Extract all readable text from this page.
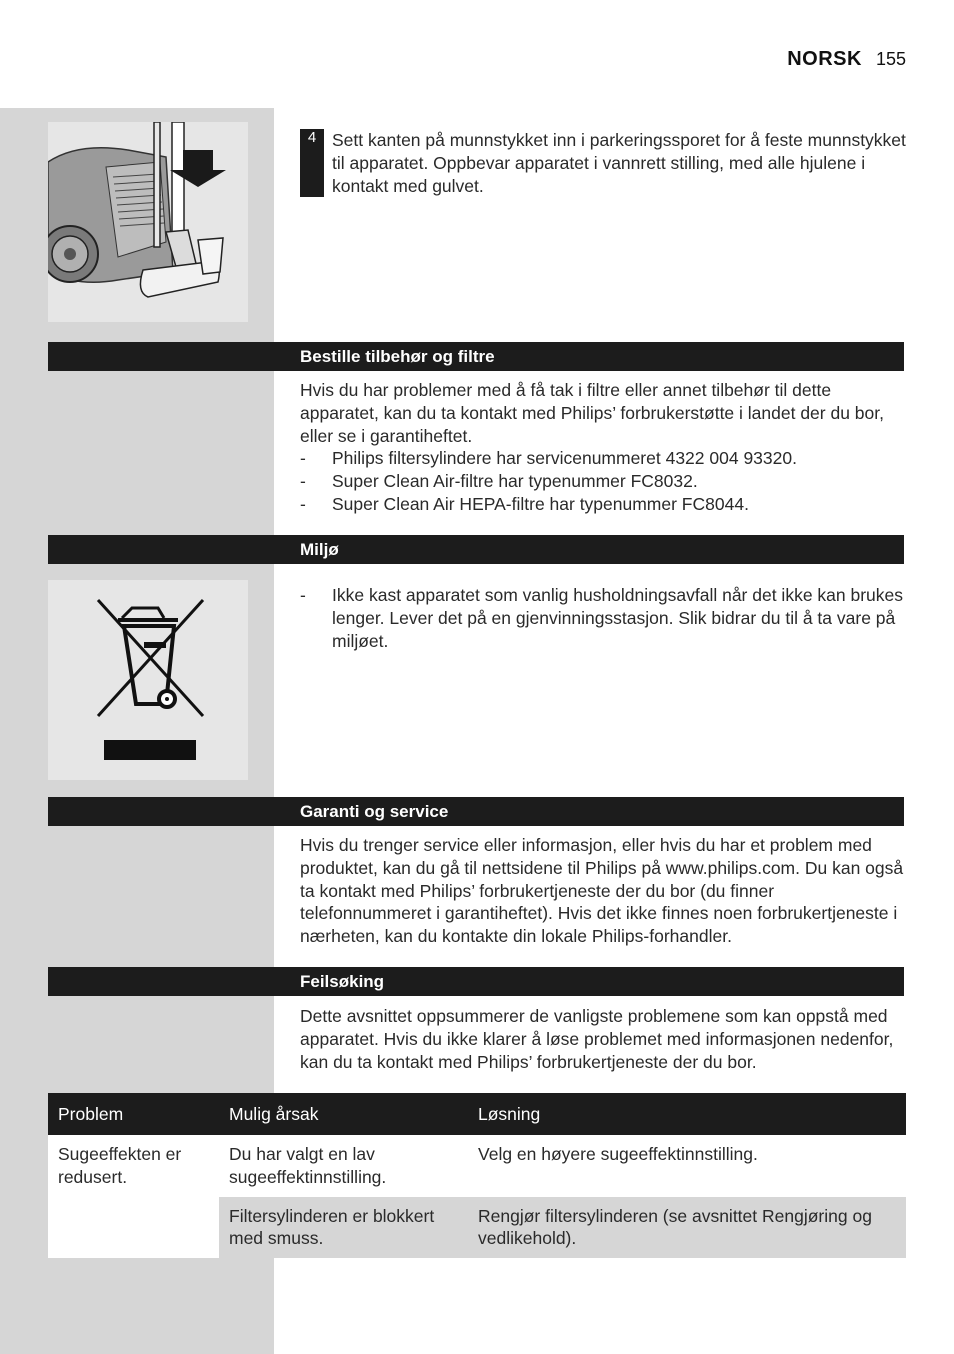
NORSK 155
4 Sett kanten på munnstykket inn i parkeringssporet for å feste munnstykket til apparatet. Oppbevar apparatet i vannrett stilling, med alle hjulene i kontakt med gulvet.
Bestille tilbehør og filtre

Hvis du har problemer med å få tak i filtre eller annet tilbehør til dette apparatet, kan du ta kontakt med Philips’ forbrukerstøtte i landet der du bor, eller se i garantiheftet.

-	Philips filtersylindere har servicenummeret 4322 004 93320.
-	Super Clean Air-filtre har typenummer FC8032.
-	Super Clean Air HEPA-filtre har typenummer FC8044.
Miljø
-	Ikke kast apparatet som vanlig husholdningsavfall når det ikke kan brukes lenger. Lever det på en gjenvinningsstasjon. Slik bidrar du til å ta vare på miljøet.
Garanti og service

Hvis du trenger service eller informasjon, eller hvis du har et problem med produktet, kan du gå til nettsidene til Philips på www.philips.com. Du kan også ta kontakt med Philips’ forbrukertjeneste der du bor (du finner telefonnummeret i garantiheftet). Hvis det ikke finnes noen forbrukertjeneste i nærheten, kan du kontakte din lokale Philips-forhandler.

Feilsøking

Dette avsnittet oppsummerer de vanligste problemene som kan oppstå med apparatet. Hvis du ikke klarer å løse problemet med informasjonen nedenfor, kan du ta kontakt med Philips’ forbrukertjeneste der du bor.

Problem	Mulig årsak	Løsning
Sugeeffekten er redusert.	Du har valgt en lav sugeeffektinnstilling.	Velg en høyere sugeeffektinnstilling.
	Filtersylinderen er blokkert med smuss.	Rengjør filtersylinderen (se avsnittet Rengjøring og vedlikehold).
